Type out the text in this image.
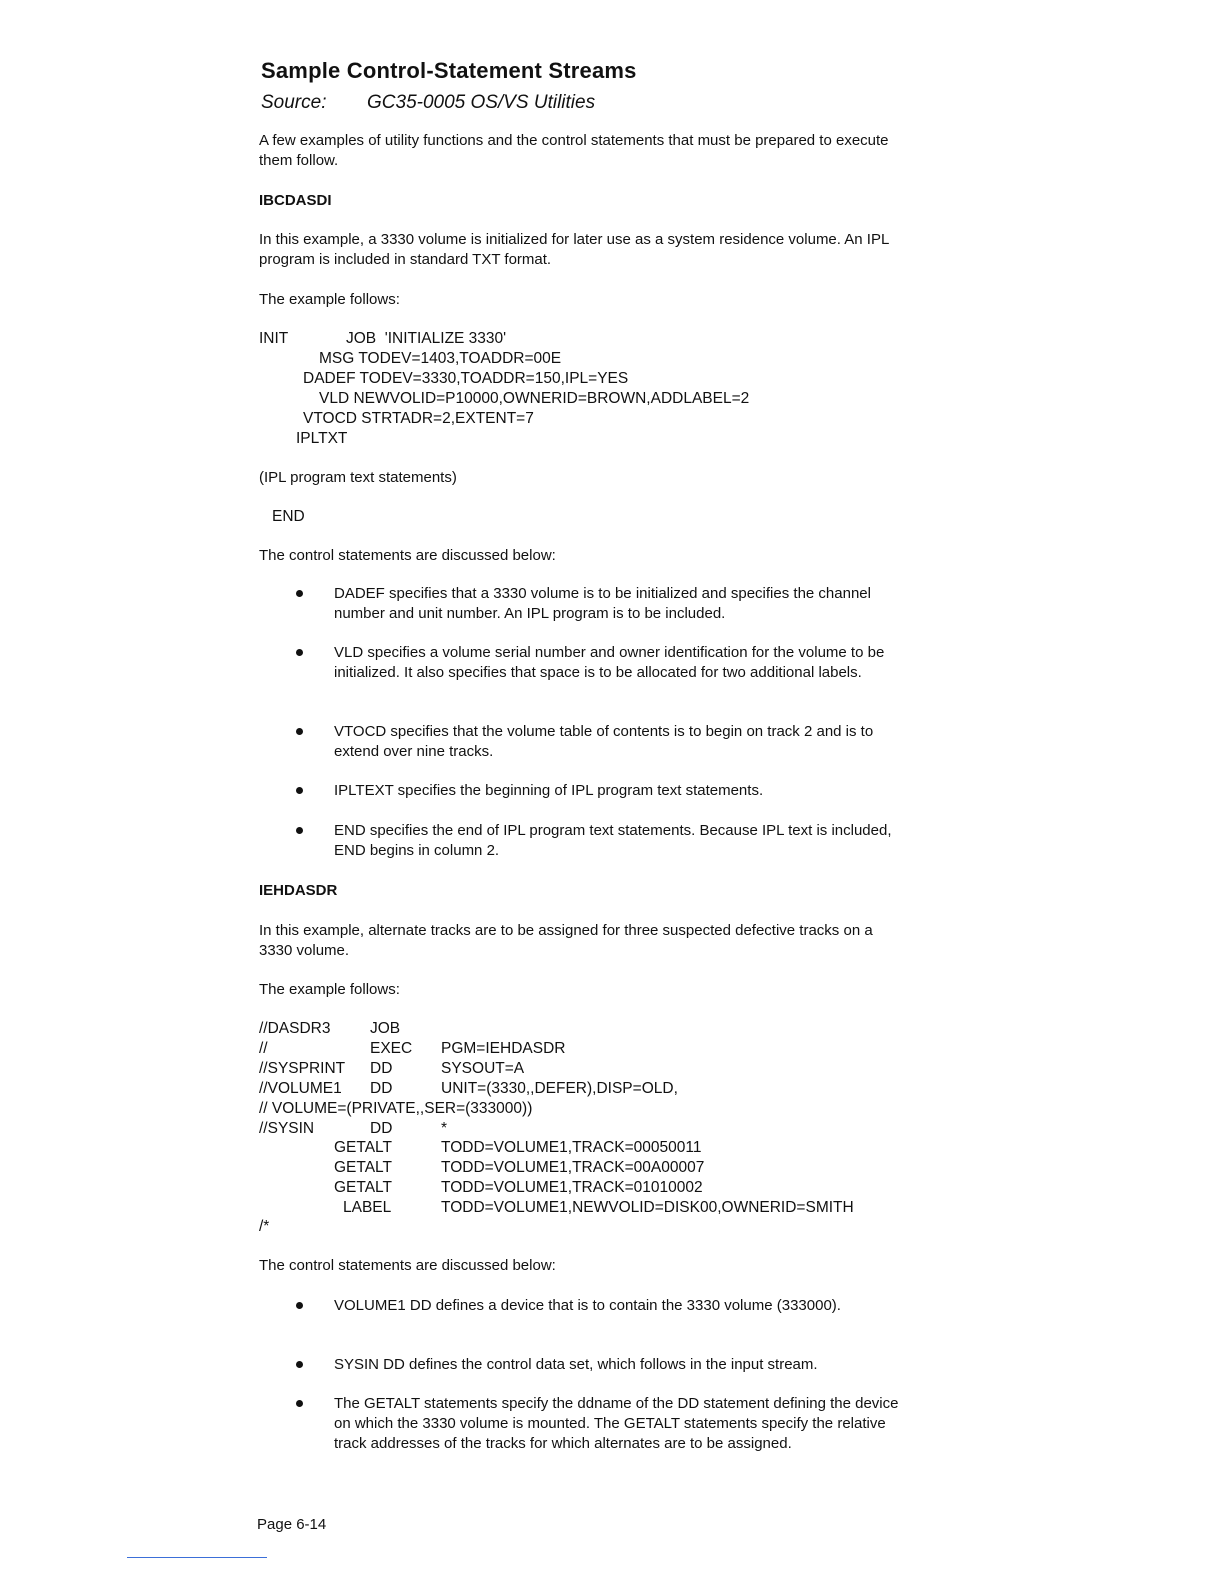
Sample Control-Statement Streams
Source: GC35-0005 OS/VS Utilities

A few examples of utility functions and the control statements that must be prepared to execute them follow.

IBCDASDI

In this example, a 3330 volume is initialized for later use as a system residence volume. An IPL program is included in standard TXT format.

The example follows:

INIT	JOB  'INITIALIZE 3330'
MSG TODEV=1403,TOADDR=00E
DADEF TODEV=3330,TOADDR=150,IPL=YES
VLD NEWVOLID=P10000,OWNERID=BROWN,ADDLABEL=2
VTOCD STRTADR=2,EXTENT=7
IPLTXT

(IPL program text statements)

END

The control statements are discussed below:

DADEF specifies that a 3330 volume is to be initialized and specifies the channel number and unit number. An IPL program is to be included.
VLD specifies a volume serial number and owner identification for the volume to be initialized. It also specifies that space is to be allocated for two additional labels.
VTOCD specifies that the volume table of contents is to begin on track 2 and is to extend over nine tracks.
IPLTEXT specifies the beginning of IPL program text statements.
END specifies the end of IPL program text statements. Because IPL text is included, END begins in column 2.

IEHDASDR

In this example, alternate tracks are to be assigned for three suspected defective tracks on a 3330 volume.

The example follows:

//DASDR3	JOB
//	EXEC PGM=IEHDASDR
//SYSPRINT DD	SYSOUT=A
//VOLUME1 DD	UNIT=(3330,,DEFER),DISP=OLD,
// VOLUME=(PRIVATE,,SER=(333000))
//SYSIN	DD	*
GETALT	TODD=VOLUME1,TRACK=00050011
GETALT	TODD=VOLUME1,TRACK=00A00007
GETALT	TODD=VOLUME1,TRACK=01010002
LABEL	TODD=VOLUME1,NEWVOLID=DISK00,OWNERID=SMITH
/*

The control statements are discussed below:

VOLUME1 DD defines a device that is to contain the 3330 volume (333000).
SYSIN DD defines the control data set, which follows in the input stream.
The GETALT statements specify the ddname of the DD statement defining the device on which the 3330 volume is mounted. The GETALT statements specify the relative track addresses of the tracks for which alternates are to be assigned.
Page 6-14
